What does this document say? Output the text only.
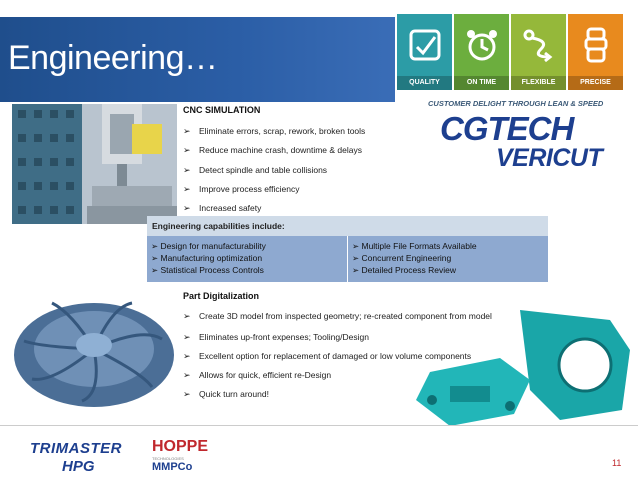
Engineering…
QUALITY	ON TIME	FLEXIBLE	PRECISE
CUSTOMER DELIGHT THROUGH LEAN & SPEED
CGTECH
VERICUT
CNC SIMULATION
➢ Eliminate errors, scrap, rework, broken tools
➢ Reduce machine crash, downtime & delays
➢ Detect spindle and table collisions
➢ Improve process efficiency
➢ Increased safety
Engineering capabilities include:
➢ Design for manufacturability
➢ Manufacturing optimization
➢ Statistical Process Controls
➢ Multiple File Formats Available
➢ Concurrent Engineering
➢ Detailed Process Review
Part Digitalization
➢ Create 3D model from inspected geometry; re-created component from model
➢ Eliminates up-front expenses; Tooling/Design
➢ Excellent option for replacement of damaged or low volume components
➢ Allows for quick, efficient re-Design
➢ Quick turn around!
TRIMASTER
HPG
HOPPE
TECHNOLOGIES
MMPCo	11
